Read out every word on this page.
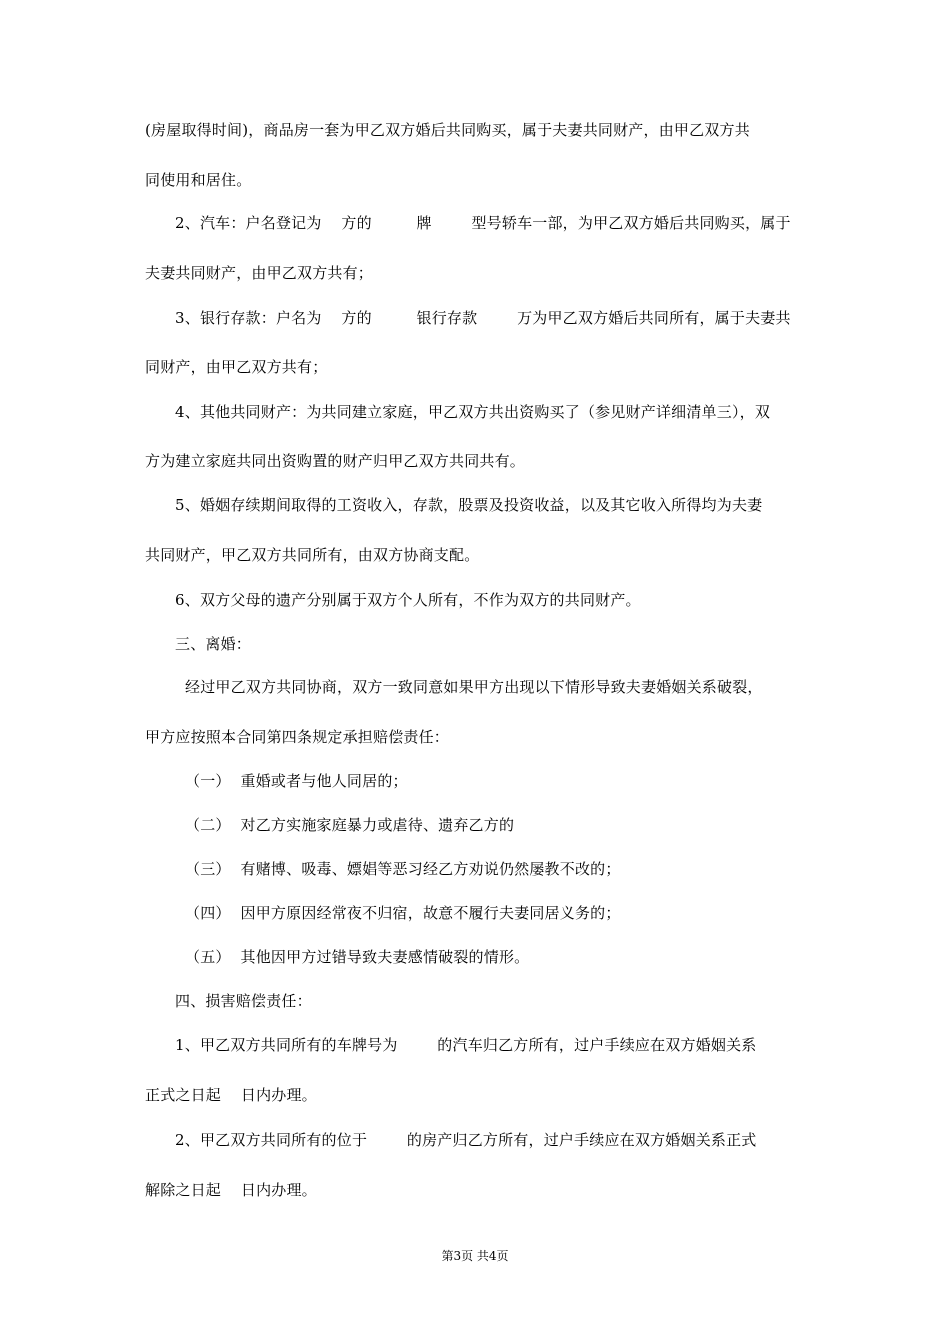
(房屋取得时间)，商品房一套为甲乙双方婚后共同购买，属于夫妻共同财产，由甲乙双方共
同使用和居住。
2、汽车：户名登记为    方的         牌        型号轿车一部，为甲乙双方婚后共同购买，属于
夫妻共同财产，由甲乙双方共有；
3、银行存款：户名为    方的         银行存款        万为甲乙双方婚后共同所有，属于夫妻共
同财产，由甲乙双方共有；
4、其他共同财产：为共同建立家庭，甲乙双方共出资购买了（参见财产详细清单三），双
方为建立家庭共同出资购置的财产归甲乙双方共同共有。
5、婚姻存续期间取得的工资收入，存款，股票及投资收益，以及其它收入所得均为夫妻
共同财产，甲乙双方共同所有，由双方协商支配。
6、双方父母的遗产分别属于双方个人所有，不作为双方的共同财产。
三、离婚：
经过甲乙双方共同协商，双方一致同意如果甲方出现以下情形导致夫妻婚姻关系破裂，
甲方应按照本合同第四条规定承担赔偿责任：
（一）  重婚或者与他人同居的；
（二）  对乙方实施家庭暴力或虐待、遗弃乙方的
（三）  有赌博、吸毒、嫖娼等恶习经乙方劝说仍然屡教不改的；
（四）  因甲方原因经常夜不归宿，故意不履行夫妻同居义务的；
（五）  其他因甲方过错导致夫妻感情破裂的情形。
四、损害赔偿责任：
1、甲乙双方共同所有的车牌号为        的汽车归乙方所有，过户手续应在双方婚姻关系
正式之日起    日内办理。
2、甲乙双方共同所有的位于        的房产归乙方所有，过户手续应在双方婚姻关系正式
解除之日起    日内办理。
第3页 共4页
